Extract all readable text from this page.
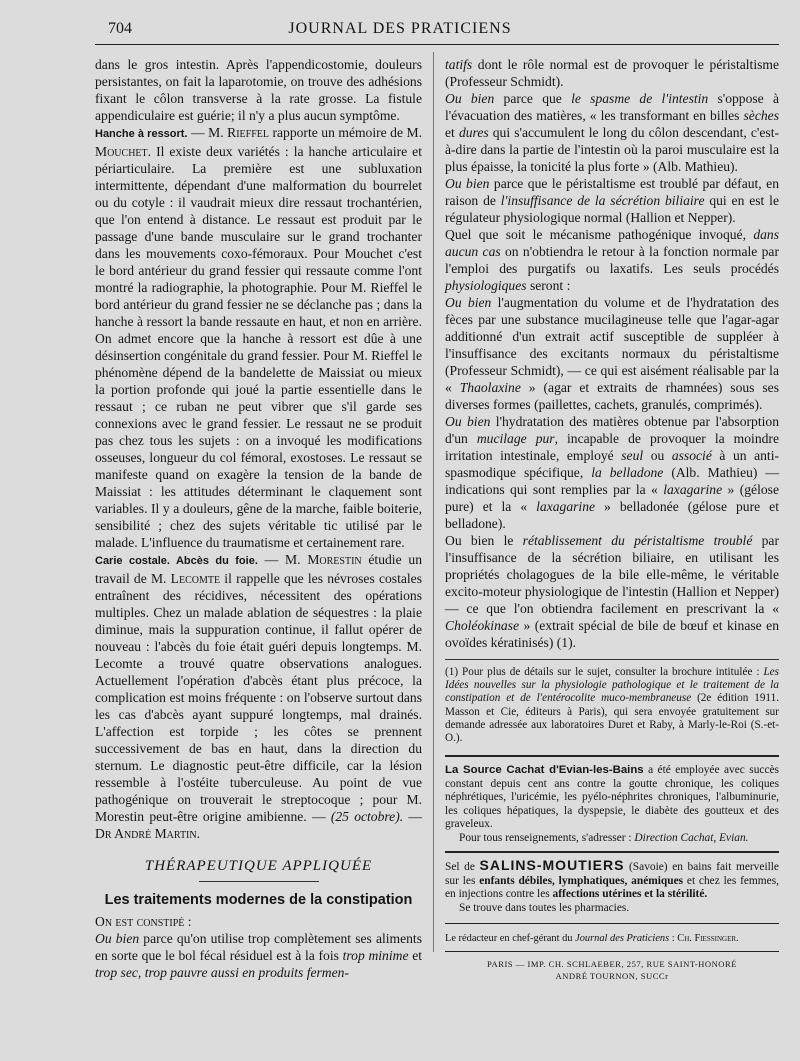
704	JOURNAL DES PRATICIENS

dans le gros intestin. Après l'appendicostomie, douleurs persistantes, on fait la laparotomie, on trouve des adhésions fixant le côlon transverse à la rate grosse. La fistule appendiculaire est guérie; il n'y a plus aucun symptôme.

Hanche à ressort. — M. Rieffel rapporte un mémoire de M. Mouchet. Il existe deux variétés : la hanche articulaire et périarticulaire. La première est une subluxation intermittente, dépendant d'une malformation du bourrelet ou du cotyle : il vaudrait mieux dire ressaut trochantérien, que l'on entend à distance. Le ressaut est produit par le passage d'une bande musculaire sur le grand trochanter dans les mouvements coxo-fémoraux. Pour Mouchet c'est le bord antérieur du grand fessier qui ressaute comme l'ont montré la radiographie, la photographie. Pour M. Rieffel le bord antérieur du grand fessier ne se déclanche pas ; dans la hanche à ressort la bande ressaute en haut, et non en arrière. On admet encore que la hanche à ressort est dûe à une désinsertion congénitale du grand fessier. Pour M. Rieffel le phénomène dépend de la bandelette de Maissiat ou mieux la portion profonde qui joué la partie essentielle dans le ressaut ; ce ruban ne peut vibrer que s'il garde ses connexions avec le grand fessier. Le ressaut ne se produit pas chez tous les sujets : on a invoqué les modifications osseuses, longueur du col fémoral, exostoses. Le ressaut se manifeste quand on exagère la tension de la bande de Maissiat : les attitudes déterminant le claquement sont variables. Il y a douleurs, gêne de la marche, faible boiterie, sensibilité ; chez des sujets véritable tic utilisé par le malade. L'influence du traumatisme et certainement rare.

Carie costale. Abcès du foie. — M. Morestin étudie un travail de M. Lecomte il rappelle que les névroses costales entraînent des récidives, nécessitent des opérations multiples. Chez un malade ablation de séquestres : la plaie diminue, mais la suppuration continue, il fallut opérer de nouveau : l'abcès du foie était guéri depuis longtemps. M. Lecomte a trouvé quatre observations analogues. Actuellement l'opération d'abcès étant plus précoce, la complication est moins fréquente : on l'observe surtout dans les cas d'abcès ayant suppuré longtemps, mal drainés. L'affection est torpide ; les côtes se prennent successivement de bas en haut, dans la direction du sternum. Le diagnostic peut-être difficile, car la lésion ressemble à l'ostéite tuberculeuse. Au point de vue pathogénique on trouverait le streptocoque ; pour M. Morestin peut-être origine amibienne. — (25 octobre). — Dr André Martin.

THÉRAPEUTIQUE APPLIQUÉE
Les traitements modernes de la constipation

On est constipé :

Ou bien parce qu'on utilise trop complètement ses aliments en sorte que le bol fécal résiduel est à la fois trop minime et trop sec, trop pauvre aussi en produits fermen-

tatifs dont le rôle normal est de provoquer le péristaltisme (Professeur Schmidt).

Ou bien parce que le spasme de l'intestin s'oppose à l'évacuation des matières, « les transformant en billes sèches et dures qui s'accumulent le long du côlon descendant, c'est-à-dire dans la partie de l'intestin où la paroi musculaire est la plus épaisse, la tonicité la plus forte » (Alb. Mathieu).

Ou bien parce que le péristaltisme est troublé par défaut, en raison de l'insuffisance de la sécrétion biliaire qui en est le régulateur physiologique normal (Hallion et Nepper).

Quel que soit le mécanisme pathogénique invoqué, dans aucun cas on n'obtiendra le retour à la fonction normale par l'emploi des purgatifs ou laxatifs. Les seuls procédés physiologiques seront :

Ou bien l'augmentation du volume et de l'hydratation des fèces par une substance mucilagineuse telle que l'agar-agar additionné d'un extrait actif susceptible de suppléer à l'insuffisance des excitants normaux du péristaltisme (Professeur Schmidt), — ce qui est aisément réalisable par la « Thaolaxine » (agar et extraits de rhamnées) sous ses diverses formes (paillettes, cachets, granulés, comprimés).

Ou bien l'hydratation des matières obtenue par l'absorption d'un mucilage pur, incapable de provoquer la moindre irritation intestinale, employé seul ou associé à un anti-spasmodique spécifique, la belladone (Alb. Mathieu) — indications qui sont remplies par la « laxagarine » (gélose pure) et la « laxagarine » belladonée (gélose pure et belladone).

Ou bien le rétablissement du péristaltisme troublé par l'insuffisance de la sécrétion biliaire, en utilisant les propriétés cholagogues de la bile elle-même, le véritable excito-moteur physiologique de l'intestin (Hallion et Nepper) — ce que l'on obtiendra facilement en prescrivant la « Choléokinase » (extrait spécial de bile de bœuf et kinase en ovoïdes kératinisés) (1).

(1) Pour plus de détails sur le sujet, consulter la brochure intitulée : Les Idées nouvelles sur la physiologie pathologique et le traitement de la constipation et de l'entérocolite muco-membraneuse (2e édition 1911. Masson et Cie, éditeurs à Paris), qui sera envoyée gratuitement sur demande adressée aux laboratoires Duret et Raby, à Marly-le-Roi (S.-et-O.).
La Source Cachat d'Evian-les-Bains a été employée avec succès constant depuis cent ans contre la goutte chronique, les coliques néphrétiques, l'uricémie, les pyélo-néphrites chroniques, l'albuminurie, les coliques hépatiques, la dyspepsie, le diabète des goutteux et des graveleux.
Pour tous renseignements, s'adresser : Direction Cachat, Evian.
Sel de SALINS-MOUTIERS (Savoie) en bains fait merveille sur les enfants débiles, lymphatiques, anémiques et chez les femmes, en injections contre les affections utérines et la stérilité.
Se trouve dans toutes les pharmacies.
Le rédacteur en chef-gérant du Journal des Praticiens : Ch. Fiessinger.
PARIS — IMP. CH. SCHLAEBER, 257, RUE SAINT-HONORÉ
ANDRÉ TOURNON, SUCCr
